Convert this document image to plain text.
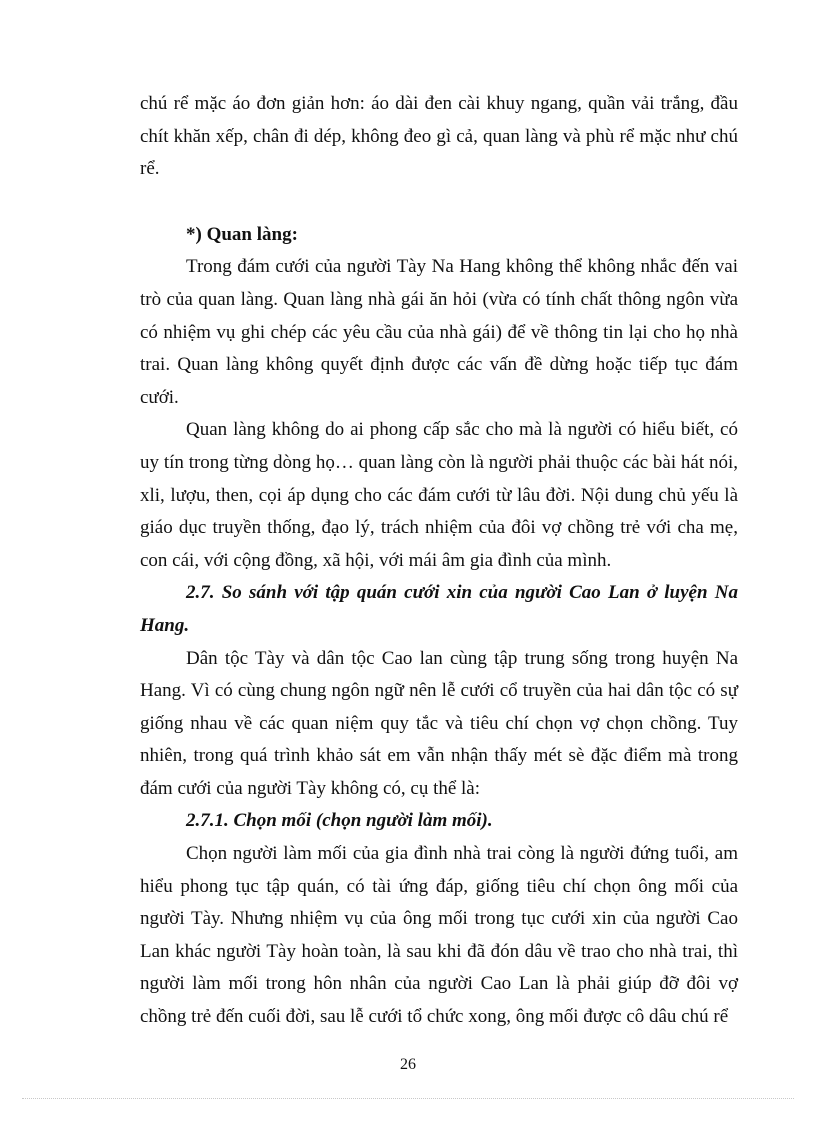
chú rể mặc áo đơn giản hơn: áo dài đen cài khuy ngang, quần vải trắng, đầu chít khăn xếp, chân đi dép, không đeo gì cả, quan làng và phù rể mặc như chú rể.

*) Quan làng:

Trong đám cưới của người Tày Na Hang không thể không nhắc đến vai trò của quan làng. Quan làng nhà gái ăn hỏi (vừa có tính chất thông ngôn vừa có nhiệm vụ ghi chép các yêu cầu của nhà gái) để về thông tin lại cho họ nhà trai. Quan làng không quyết định được các vấn đề dừng hoặc tiếp tục đám cưới.

Quan làng không do ai phong cấp sắc cho mà là người có hiểu biết, có uy tín trong từng dòng họ… quan làng còn là người phải thuộc các bài hát nói, xli, lượu, then, cọi áp dụng cho các đám cưới từ lâu đời. Nội dung chủ yếu là giáo dục truyền thống, đạo lý, trách nhiệm của đôi vợ chồng trẻ với cha mẹ, con cái, với cộng đồng, xã hội, với mái âm gia đình của mình.

2.7. So sánh với tập quán cưới xin của người Cao Lan ở luyện Na Hang.

Dân tộc Tày và dân tộc Cao lan cùng tập trung sống trong huyện Na Hang. Vì có cùng chung ngôn ngữ nên lễ cưới cổ truyền của hai dân tộc có sự giống nhau về các quan niệm quy tắc và tiêu chí chọn vợ chọn chồng. Tuy nhiên, trong quá trình khảo sát em vẫn nhận thấy mét sè đặc điểm mà trong đám cưới của người Tày không có, cụ thể là:

2.7.1. Chọn mối (chọn người làm mối).

Chọn người làm mối của gia đình nhà trai còng là người đứng tuổi, am hiểu phong tục tập quán, có tài ứng đáp, giống tiêu chí chọn ông mối của người Tày. Nhưng nhiệm vụ của ông mối trong tục cưới xin của người Cao Lan khác người Tày hoàn toàn, là sau khi đã đón dâu về trao cho nhà trai, thì người làm mối trong hôn nhân của người Cao Lan là phải giúp đỡ đôi vợ chồng trẻ đến cuối đời, sau lễ cưới tổ chức xong, ông mối được cô dâu chú rể

26
